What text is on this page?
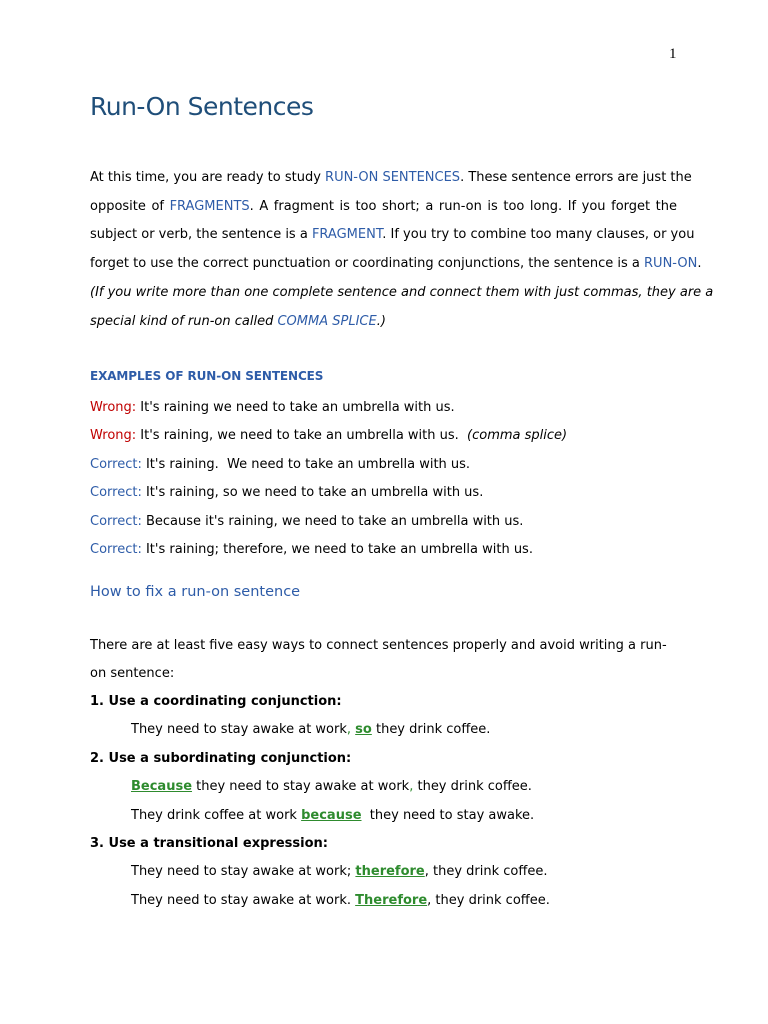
1
Run-On Sentences
At this time, you are ready to study RUN-ON SENTENCES. These sentence errors are just the
opposite of FRAGMENTS. A fragment is too short; a run-on is too long. If you forget the
subject or verb, the sentence is a FRAGMENT. If you try to combine too many clauses, or you
forget to use the correct punctuation or coordinating conjunctions, the sentence is a RUN-ON.
(If you write more than one complete sentence and connect them with just commas, they are a
special kind of run-on called COMMA SPLICE.)
EXAMPLES OF RUN-ON SENTENCES
Wrong: It's raining we need to take an umbrella with us.
Wrong: It's raining, we need to take an umbrella with us.  (comma splice)
Correct: It's raining.  We need to take an umbrella with us.
Correct: It's raining, so we need to take an umbrella with us.
Correct: Because it's raining, we need to take an umbrella with us.
Correct: It's raining; therefore, we need to take an umbrella with us.
How to fix a run-on sentence

There are at least five easy ways to connect sentences properly and avoid writing a run-on sentence:

1. Use a coordinating conjunction:
They need to stay awake at work, so they drink coffee.
2. Use a subordinating conjunction:
Because they need to stay awake at work, they drink coffee.
They drink coffee at work because  they need to stay awake.
3. Use a transitional expression:
They need to stay awake at work; therefore, they drink coffee.
They need to stay awake at work. Therefore, they drink coffee.
